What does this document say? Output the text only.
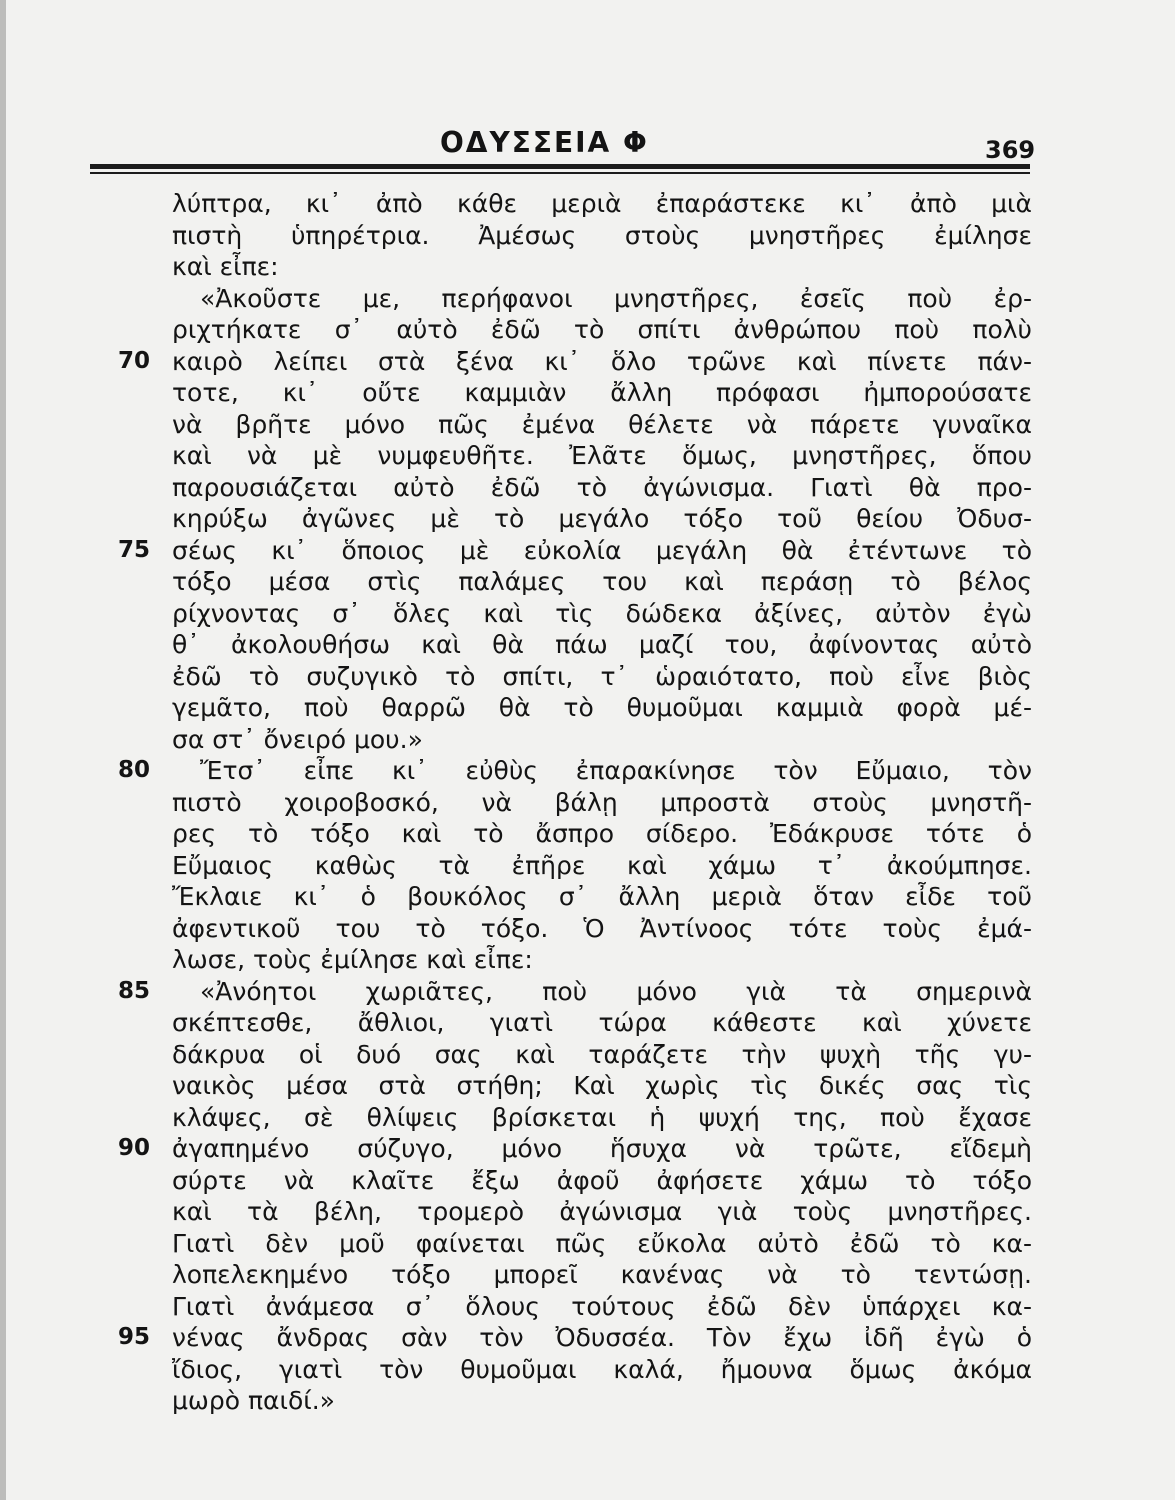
ΟΔΥΣΣΕΙΑ Φ	369
λύπτρα, κι᾿ ἀπὸ κάθε μεριὰ ἐπαράστεκε κι᾿ ἀπὸ μιὰ
πιστὴ ὑπηρέτρια. Ἀμέσως στοὺς μνηστῆρες ἐμίλησε
καὶ εἶπε:
«Ἀκοῦστε με, περήφανοι μνηστῆρες, ἐσεῖς ποὺ ἐρ-
ριχτήκατε σ᾿ αὐτὸ ἐδῶ τὸ σπίτι ἀνθρώπου ποὺ πολὺ
καιρὸ λείπει στὰ ξένα κι᾿ ὅλο τρῶνε καὶ πίνετε πάν-
τοτε, κι᾿ οὔτε καμμιὰν ἄλλη πρόφασι ἠμπορούσατε
νὰ βρῆτε μόνο πῶς ἐμένα θέλετε νὰ πάρετε γυναῖκα
καὶ νὰ μὲ νυμφευθῆτε. Ἐλᾶτε ὅμως, μνηστῆρες, ὅπου
παρουσιάζεται αὐτὸ ἐδῶ τὸ ἀγώνισμα. Γιατὶ θὰ προ-
κηρύξω ἀγῶνες μὲ τὸ μεγάλο τόξο τοῦ θείου Ὀδυσ-
σέως κι᾿ ὅποιος μὲ εὐκολία μεγάλη θὰ ἐτέντωνε τὸ
τόξο μέσα στὶς παλάμες του καὶ περάσῃ τὸ βέλος
ρίχνοντας σ᾿ ὅλες καὶ τὶς δώδεκα ἀξίνες, αὐτὸν ἐγὼ
θ᾿ ἀκολουθήσω καὶ θὰ πάω μαζί του, ἀφίνοντας αὐτὸ
ἐδῶ τὸ συζυγικὸ τὸ σπίτι, τ᾿ ὡραιότατο, ποὺ εἶνε βιὸς
γεμᾶτο, ποὺ θαρρῶ θὰ τὸ θυμοῦμαι καμμιὰ φορὰ μέ-
σα στ᾿ ὄνειρό μου.»
Ἔτσ᾿ εἶπε κι᾿ εὐθὺς ἐπαρακίνησε τὸν Εὔμαιο, τὸν
πιστὸ χοιροβοσκό, νὰ βάλῃ μπροστὰ στοὺς μνηστῆ-
ρες τὸ τόξο καὶ τὸ ἄσπρο σίδερο. Ἐδάκρυσε τότε ὁ
Εὔμαιος καθὼς τὰ ἐπῆρε καὶ χάμω τ᾿ ἀκούμπησε.
Ἔκλαιε κι᾿ ὁ βουκόλος σ᾿ ἄλλη μεριὰ ὅταν εἶδε τοῦ
ἀφεντικοῦ του τὸ τόξο. Ὁ Ἀντίνοος τότε τοὺς ἐμά-
λωσε, τοὺς ἐμίλησε καὶ εἶπε:
«Ἀνόητοι χωριᾶτες, ποὺ μόνο γιὰ τὰ σημερινὰ
σκέπτεσθε, ἄθλιοι, γιατὶ τώρα κάθεστε καὶ χύνετε
δάκρυα οἱ δυό σας καὶ ταράζετε τὴν ψυχὴ τῆς γυ-
ναικὸς μέσα στὰ στήθη; Καὶ χωρὶς τὶς δικές σας τὶς
κλάψες, σὲ θλίψεις βρίσκεται ἡ ψυχή της, ποὺ ἔχασε
ἀγαπημένο σύζυγο, μόνο ἥσυχα νὰ τρῶτε, εἴδεμὴ
σύρτε νὰ κλαῖτε ἔξω ἀφοῦ ἀφήσετε χάμω τὸ τόξο
καὶ τὰ βέλη, τρομερὸ ἀγώνισμα γιὰ τοὺς μνηστῆρες.
Γιατὶ δὲν μοῦ φαίνεται πῶς εὔκολα αὐτὸ ἐδῶ τὸ κα-
λοπελεκημένο τόξο μπορεῖ κανένας νὰ τὸ τεντώσῃ.
Γιατὶ ἀνάμεσα σ᾿ ὅλους τούτους ἐδῶ δὲν ὑπάρχει κα-
νένας ἄνδρας σὰν τὸν Ὀδυσσέα. Τὸν ἔχω ἰδῆ ἐγὼ ὁ
ἴδιος, γιατὶ τὸν θυμοῦμαι καλά, ἤμουνα ὅμως ἀκόμα
μωρὸ παιδί.»
70
75
80
85
90
95
